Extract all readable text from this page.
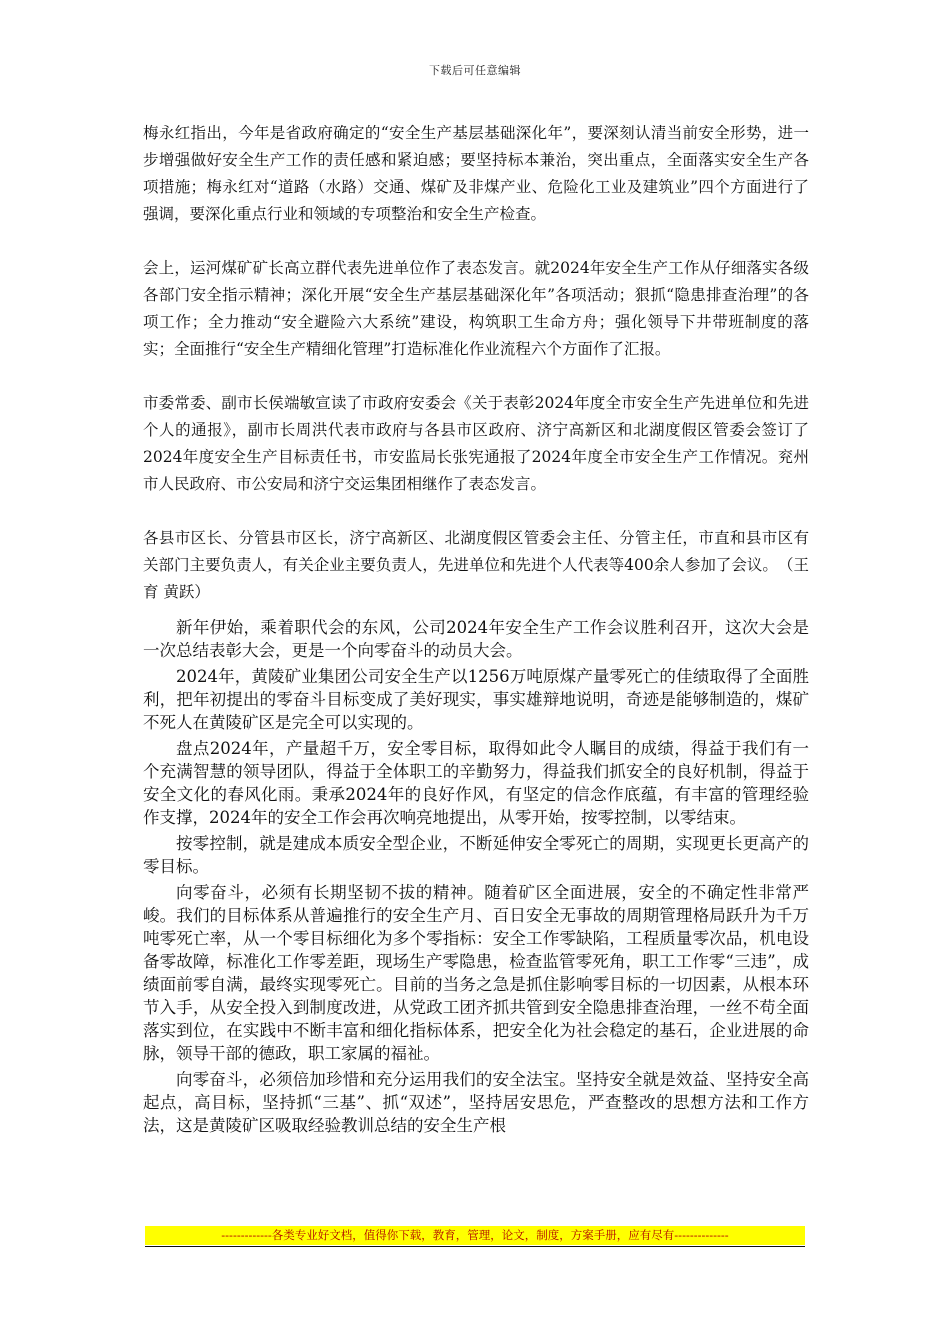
下载后可任意编辑

梅永红指出，今年是省政府确定的“安全生产基层基础深化年”，要深刻认清当前安全形势，进一步增强做好安全生产工作的责任感和紧迫感；要坚持标本兼治，突出重点，全面落实安全生产各项措施；梅永红对“道路（水路）交通、煤矿及非煤产业、危险化工业及建筑业”四个方面进行了强调，要深化重点行业和领域的专项整治和安全生产检查。

会上，运河煤矿矿长高立群代表先进单位作了表态发言。就2024年安全生产工作从仔细落实各级各部门安全指示精神；深化开展“安全生产基层基础深化年”各项活动；狠抓“隐患排查治理”的各项工作；全力推动“安全避险六大系统”建设，构筑职工生命方舟；强化领导下井带班制度的落实；全面推行“安全生产精细化管理”打造标准化作业流程六个方面作了汇报。

市委常委、副市长侯端敏宣读了市政府安委会《关于表彰2024年度全市安全生产先进单位和先进个人的通报》，副市长周洪代表市政府与各县市区政府、济宁高新区和北湖度假区管委会签订了2024年度安全生产目标责任书，市安监局长张宪通报了2024年度全市安全生产工作情况。兖州市人民政府、市公安局和济宁交运集团相继作了表态发言。

各县市区长、分管县市区长，济宁高新区、北湖度假区管委会主任、分管主任，市直和县市区有关部门主要负责人，有关企业主要负责人，先进单位和先进个人代表等400余人参加了会议。　（王育 黄跃）

新年伊始，乘着职代会的东风，公司2024年安全生产工作会议胜利召开，这次大会是一次总结表彰大会，更是一个向零奋斗的动员大会。

2024年，黄陵矿业集团公司安全生产以1256万吨原煤产量零死亡的佳绩取得了全面胜利，把年初提出的零奋斗目标变成了美好现实，事实雄辩地说明，奇迹是能够制造的，煤矿不死人在黄陵矿区是完全可以实现的。

盘点2024年，产量超千万，安全零目标，取得如此令人瞩目的成绩，得益于我们有一个充满智慧的领导团队，得益于全体职工的辛勤努力，得益我们抓安全的良好机制，得益于安全文化的春风化雨。秉承2024年的良好作风，有坚定的信念作底蕴，有丰富的管理经验作支撑，2024年的安全工作会再次响亮地提出，从零开始，按零控制，以零结束。

按零控制，就是建成本质安全型企业，不断延伸安全零死亡的周期，实现更长更高产的零目标。

向零奋斗，必须有长期坚韧不拔的精神。随着矿区全面进展，安全的不确定性非常严峻。我们的目标体系从普遍推行的安全生产月、百日安全无事故的周期管理格局跃升为千万吨零死亡率，从一个零目标细化为多个零指标：安全工作零缺陷，工程质量零次品，机电设备零故障，标准化工作零差距，现场生产零隐患，检查监管零死角，职工工作零“三违”，成绩面前零自满，最终实现零死亡。目前的当务之急是抓住影响零目标的一切因素，从根本环节入手，从安全投入到制度改进，从党政工团齐抓共管到安全隐患排查治理，一丝不苟全面落实到位，在实践中不断丰富和细化指标体系，把安全化为社会稳定的基石，企业进展的命脉，领导干部的德政，职工家属的福祉。

向零奋斗，必须倍加珍惜和充分运用我们的安全法宝。坚持安全就是效益、坚持安全高起点，高目标，坚持抓“三基”、抓“双述”，坚持居安思危，严查整改的思想方法和工作方法，这是黄陵矿区吸取经验教训总结的安全生产根

-------------各类专业好文档，值得你下载，教育，管理，论文，制度，方案手册，应有尽有--------------
